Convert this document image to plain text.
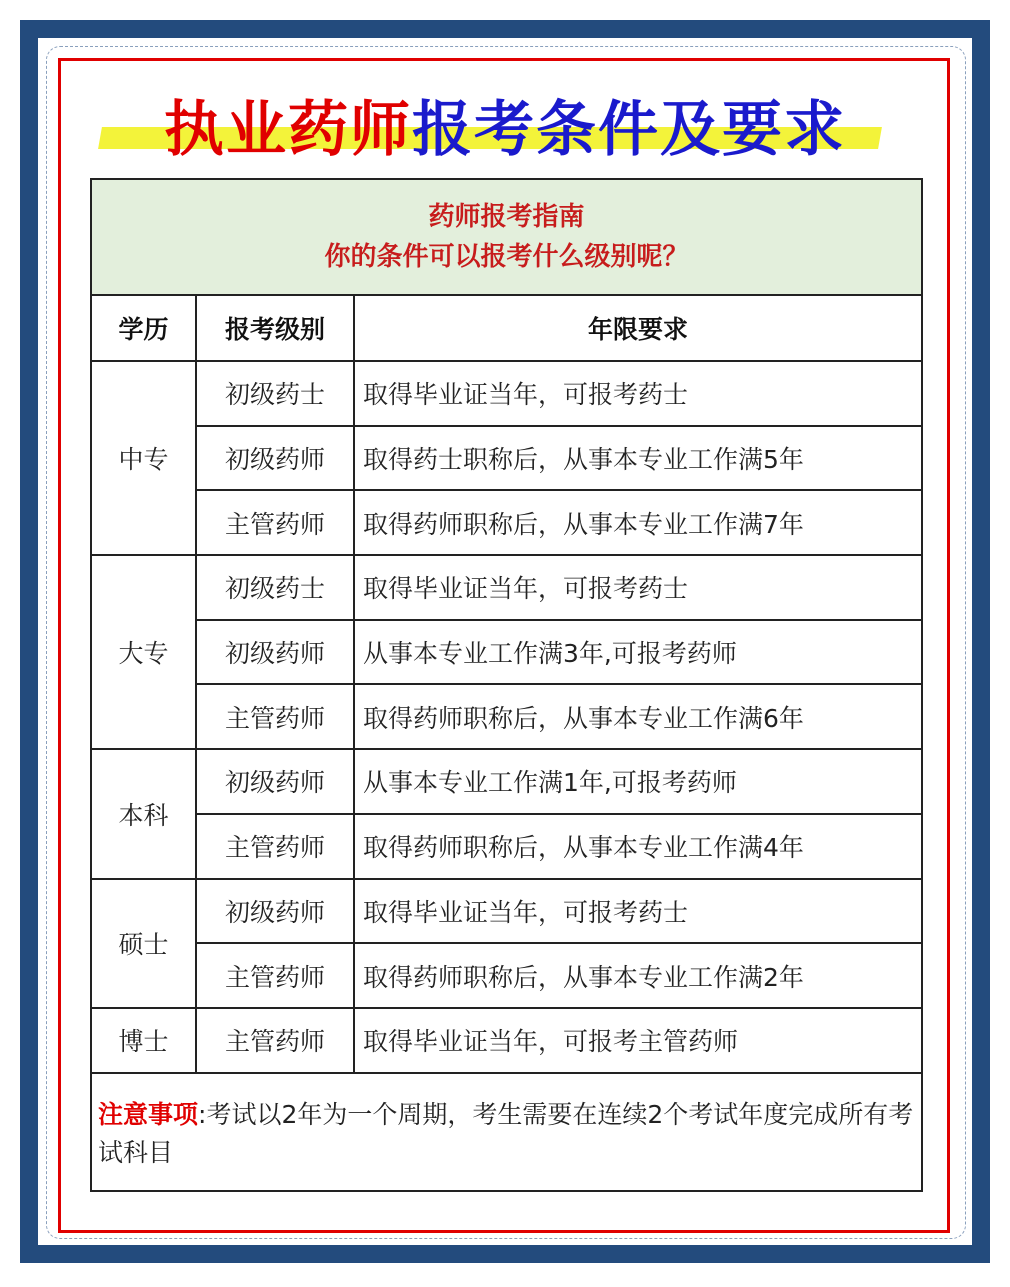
执业药师报考条件及要求
药师报考指南
你的条件可以报考什么级别呢？		

学历	报考级别	年限要求
中专	初级药士	取得毕业证当年，可报考药士
	初级药师	取得药士职称后，从事本专业工作满5年
	主管药师	取得药师职称后，从事本专业工作满7年
大专	初级药士	取得毕业证当年，可报考药士
	初级药师	从事本专业工作满3年,可报考药师
	主管药师	取得药师职称后，从事本专业工作满6年
本科	初级药师	从事本专业工作满1年,可报考药师
	主管药师	取得药师职称后，从事本专业工作满4年
硕士	初级药师	取得毕业证当年，可报考药士
	主管药师	取得药师职称后，从事本专业工作满2年
博士	主管药师	取得毕业证当年，可报考主管药师
注意事项:考试以2年为一个周期，考生需要在连续2个考试年度完成所有考试科目		
